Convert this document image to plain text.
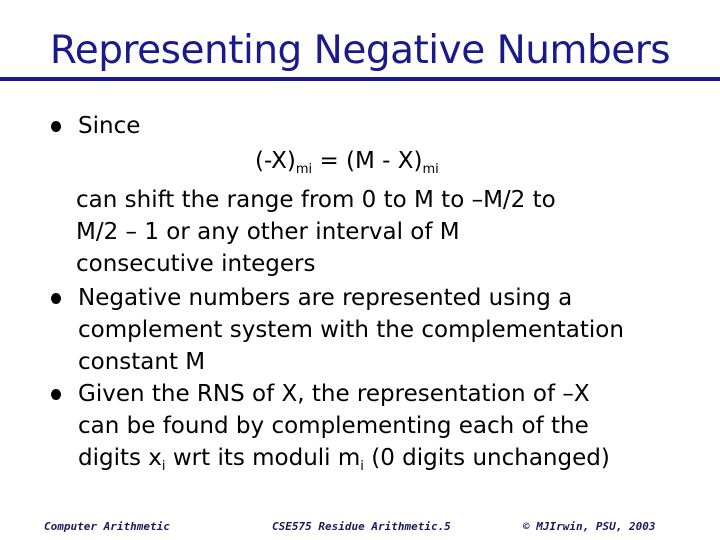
Representing Negative Numbers
Since
$(-X)_{mi} = (M - X)_{mi}$
can shift the range from 0 to M to –M/2 to
M/2 – 1 or any other interval of M
consecutive integers
Negative numbers are represented using a
complement system with the complementation
constant M
Given the RNS of X, the representation of –X
can be found by complementing each of the
digits $x_i$ wrt its moduli $m_i$ (0 digits unchanged)
Computer Arithmetic	CSE575 Residue Arithmetic.5	© MJIrwin, PSU, 2003
